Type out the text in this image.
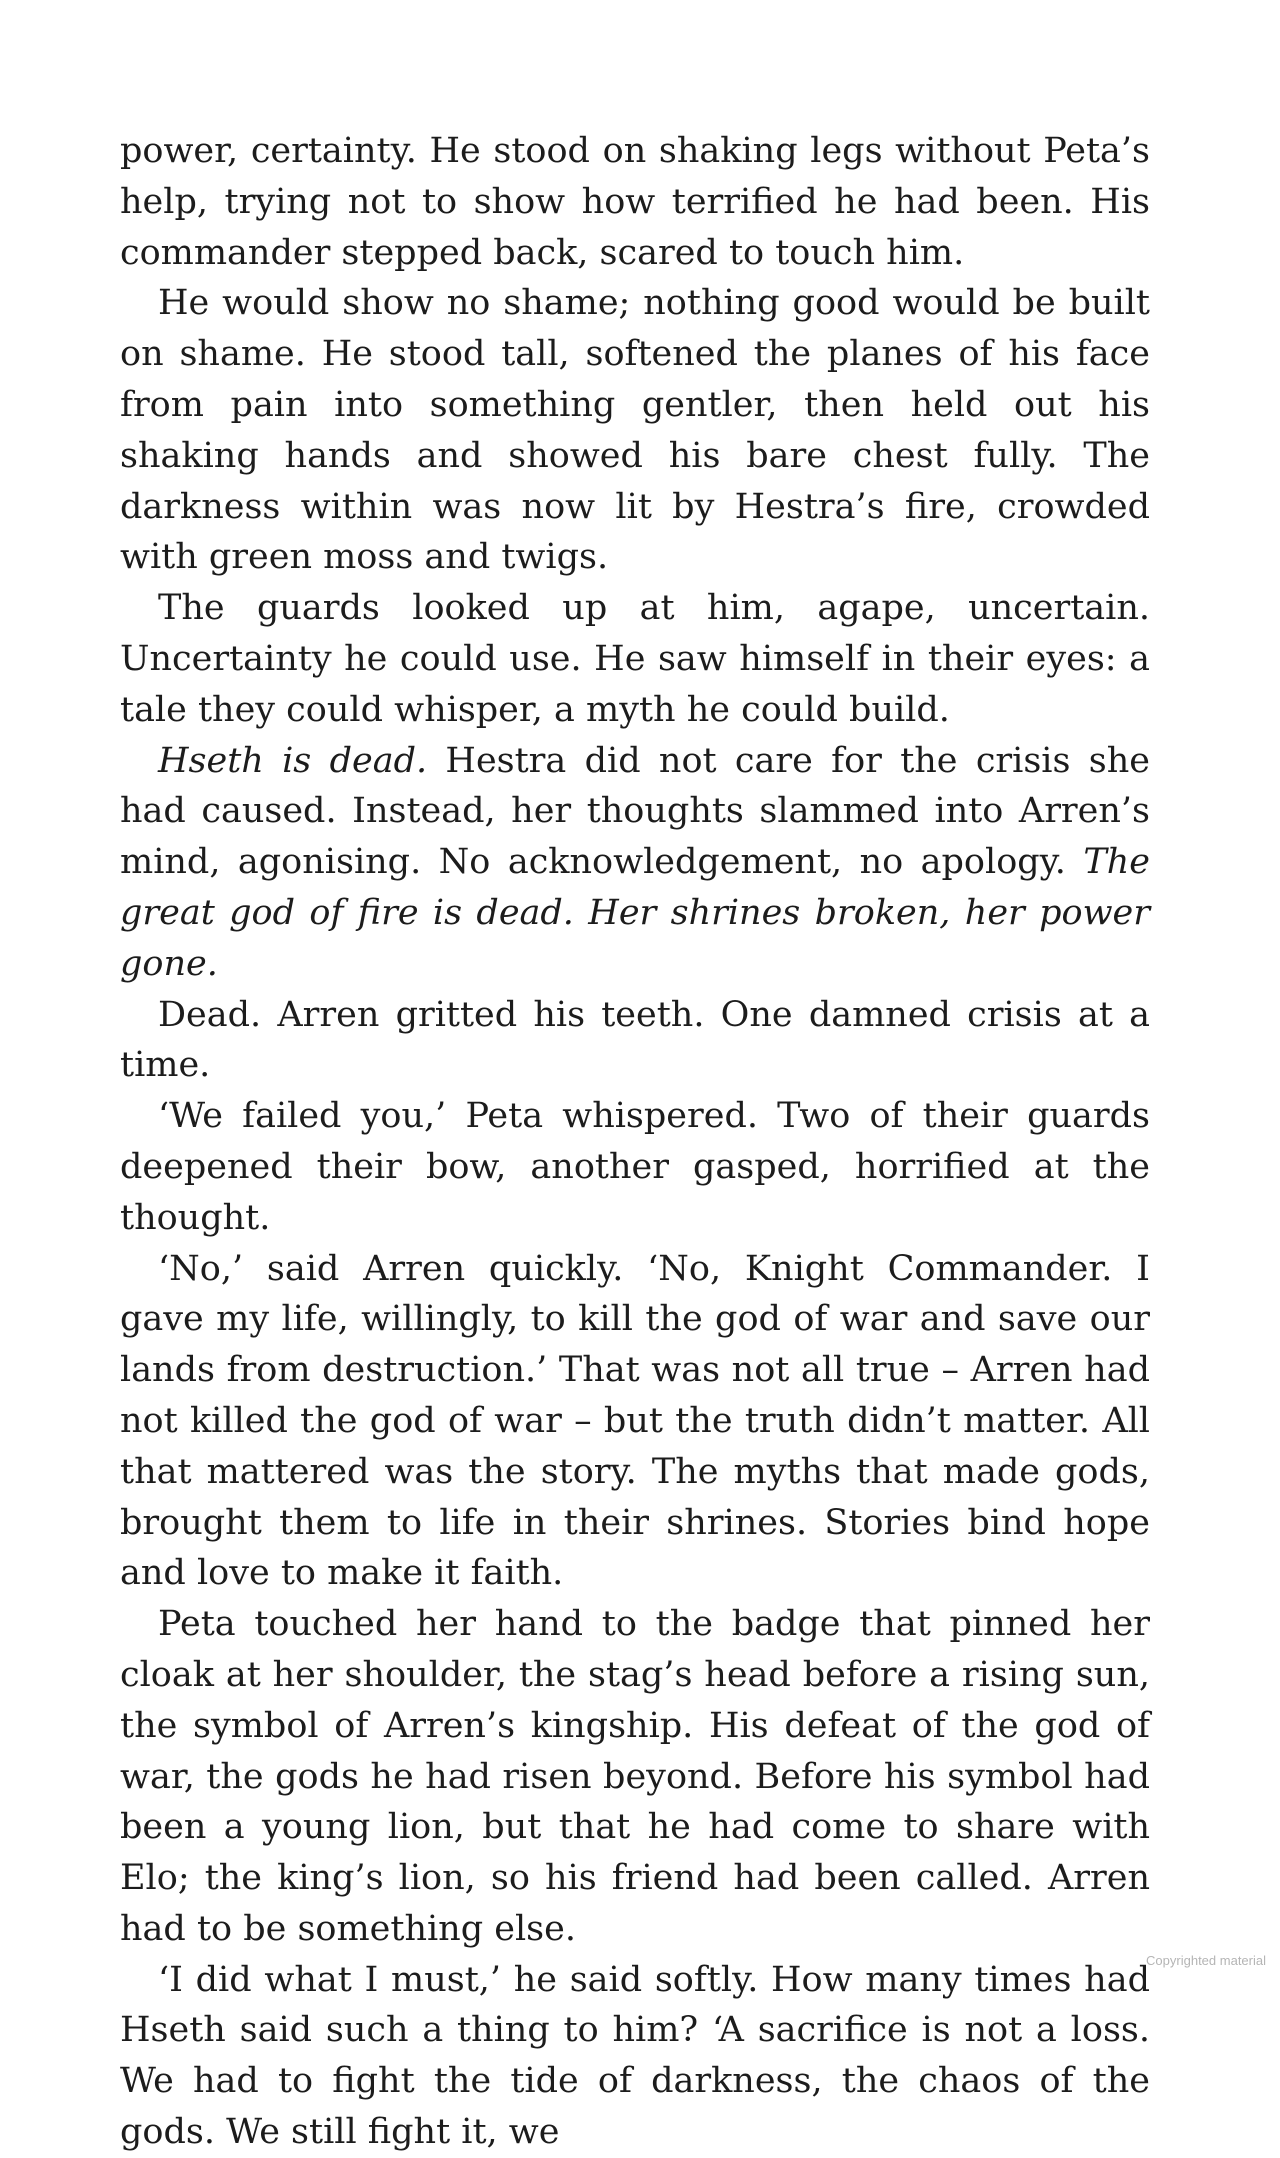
power, certainty. He stood on shaking legs without Peta’s help, trying not to show how terrified he had been. His commander stepped back, scared to touch him.

He would show no shame; nothing good would be built on shame. He stood tall, softened the planes of his face from pain into something gentler, then held out his shaking hands and showed his bare chest fully. The darkness within was now lit by Hestra’s fire, crowded with green moss and twigs.

The guards looked up at him, agape, uncertain. Uncertainty he could use. He saw himself in their eyes: a tale they could whisper, a myth he could build.

Hseth is dead. Hestra did not care for the crisis she had caused. Instead, her thoughts slammed into Arren’s mind, agonising. No acknowledgement, no apology. The great god of fire is dead. Her shrines broken, her power gone.

Dead. Arren gritted his teeth. One damned crisis at a time.

‘We failed you,’ Peta whispered. Two of their guards deepened their bow, another gasped, horrified at the thought.

‘No,’ said Arren quickly. ‘No, Knight Commander. I gave my life, willingly, to kill the god of war and save our lands from destruction.’ That was not all true – Arren had not killed the god of war – but the truth didn’t matter. All that mattered was the story. The myths that made gods, brought them to life in their shrines. Stories bind hope and love to make it faith.

Peta touched her hand to the badge that pinned her cloak at her shoulder, the stag’s head before a rising sun, the symbol of Arren’s kingship. His defeat of the god of war, the gods he had risen beyond. Before his symbol had been a young lion, but that he had come to share with Elo; the king’s lion, so his friend had been called. Arren had to be something else.

‘I did what I must,’ he said softly. How many times had Hseth said such a thing to him? ‘A sacrifice is not a loss. We had to fight the tide of darkness, the chaos of the gods. We still fight it, we

Copyrighted material
